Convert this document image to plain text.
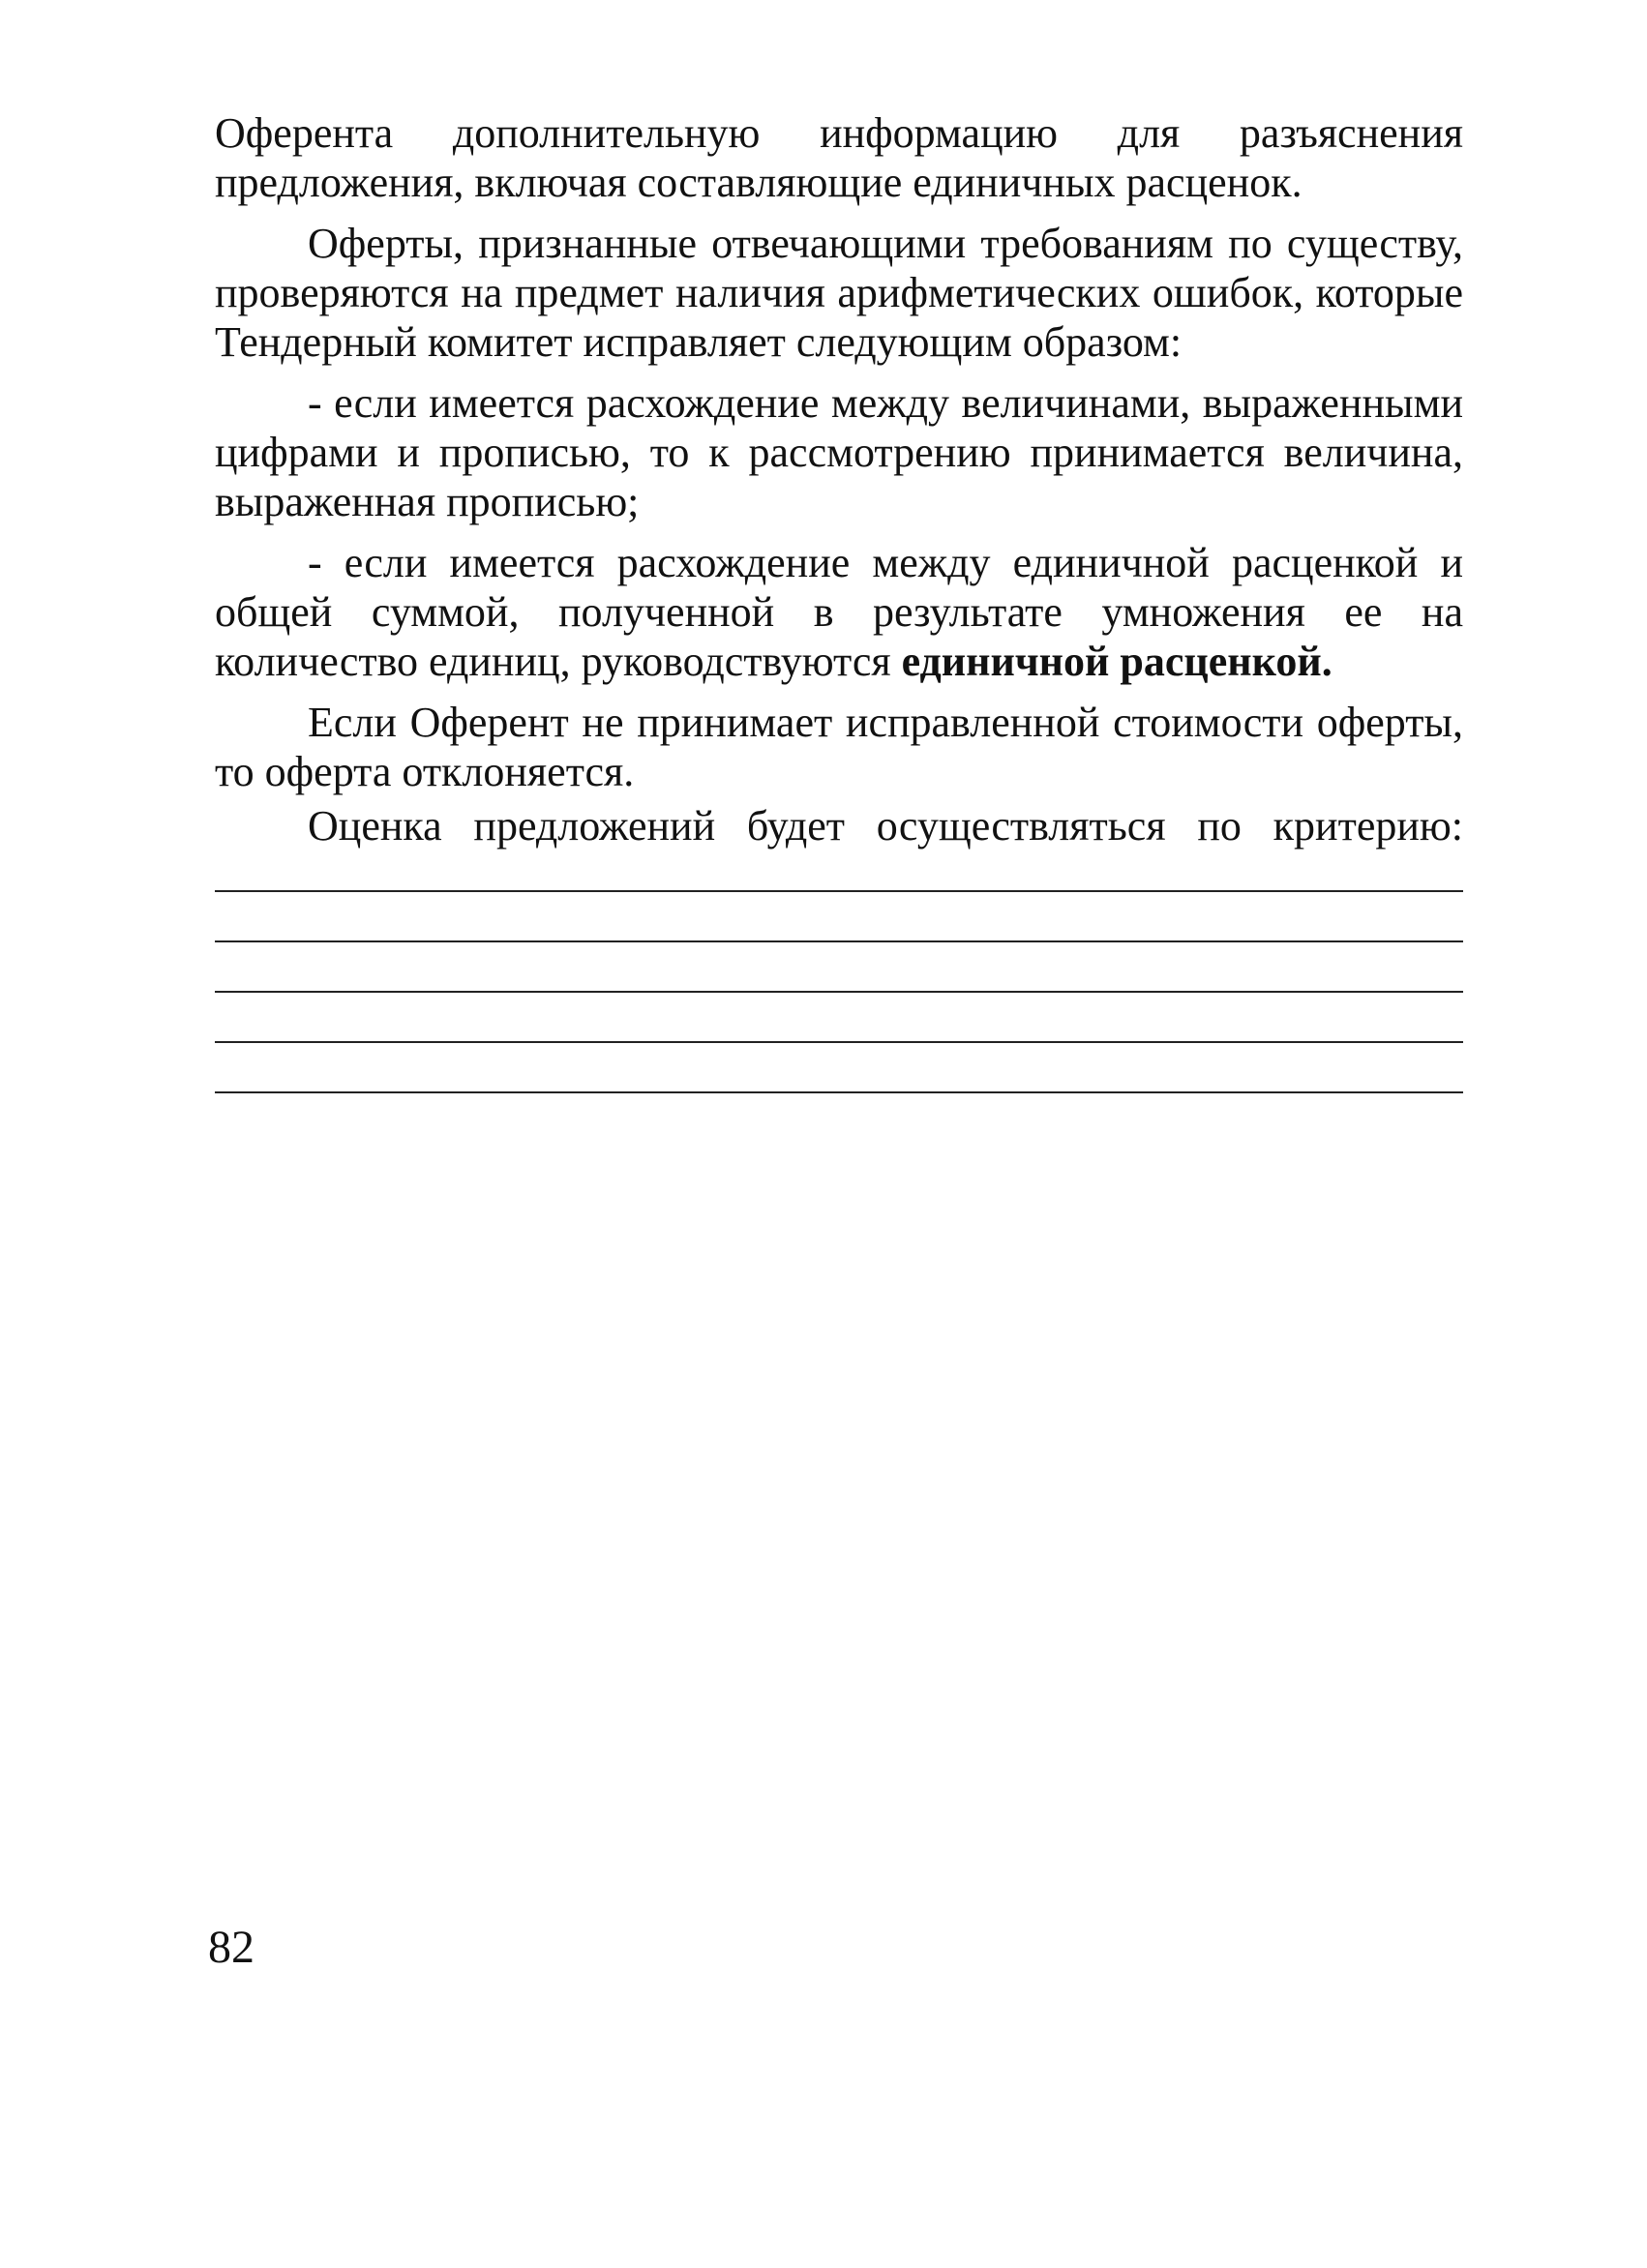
Оферента дополнительную информацию для разъяснения предложения, включая составляющие единичных расценок.

Оферты, признанные отвечающими требованиям по существу, проверяются на предмет наличия арифметических ошибок, которые Тендерный комитет исправляет следующим образом:

- если имеется расхождение между величинами, выраженными цифрами и прописью, то к рассмотрению принимается величина, выраженная прописью;

- если имеется расхождение между единичной расценкой и общей суммой, полученной в результате умножения ее на количество единиц, руководствуются единичной расценкой.

Если Оферент не принимает исправленной стоимости оферты, то оферта отклоняется.

Оценка предложений будет осуществляться по критерию:

82
